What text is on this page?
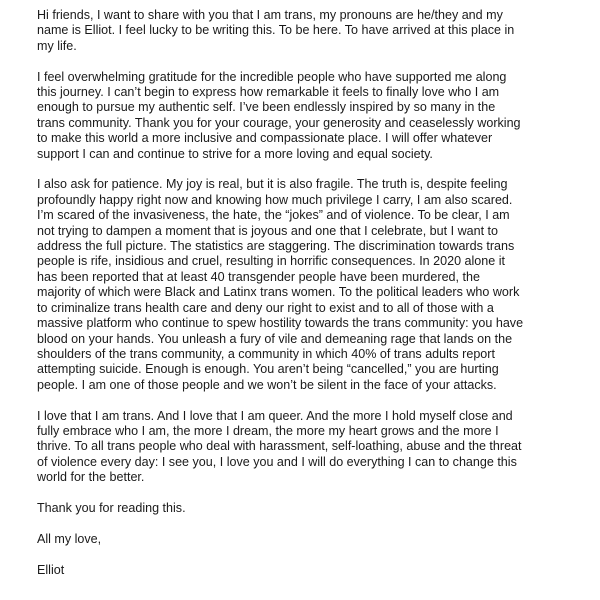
Hi friends, I want to share with you that I am trans, my pronouns are he/they and my
name is Elliot. I feel lucky to be writing this. To be here. To have arrived at this place in
my life.

I feel overwhelming gratitude for the incredible people who have supported me along
this journey. I can’t begin to express how remarkable it feels to finally love who I am
enough to pursue my authentic self. I’ve been endlessly inspired by so many in the
trans community. Thank you for your courage, your generosity and ceaselessly working
to make this world a more inclusive and compassionate place. I will offer whatever
support I can and continue to strive for a more loving and equal society.

I also ask for patience. My joy is real, but it is also fragile. The truth is, despite feeling
profoundly happy right now and knowing how much privilege I carry, I am also scared.
I’m scared of the invasiveness, the hate, the “jokes” and of violence. To be clear, I am
not trying to dampen a moment that is joyous and one that I celebrate, but I want to
address the full picture. The statistics are staggering. The discrimination towards trans
people is rife, insidious and cruel, resulting in horrific consequences. In 2020 alone it
has been reported that at least 40 transgender people have been murdered, the
majority of which were Black and Latinx trans women. To the political leaders who work
to criminalize trans health care and deny our right to exist and to all of those with a
massive platform who continue to spew hostility towards the trans community: you have
blood on your hands. You unleash a fury of vile and demeaning rage that lands on the
shoulders of the trans community, a community in which 40% of trans adults report
attempting suicide. Enough is enough. You aren’t being “cancelled,” you are hurting
people. I am one of those people and we won’t be silent in the face of your attacks.

I love that I am trans. And I love that I am queer. And the more I hold myself close and
fully embrace who I am, the more I dream, the more my heart grows and the more I
thrive. To all trans people who deal with harassment, self-loathing, abuse and the threat
of violence every day: I see you, I love you and I will do everything I can to change this
world for the better.

Thank you for reading this.

All my love,

Elliot
